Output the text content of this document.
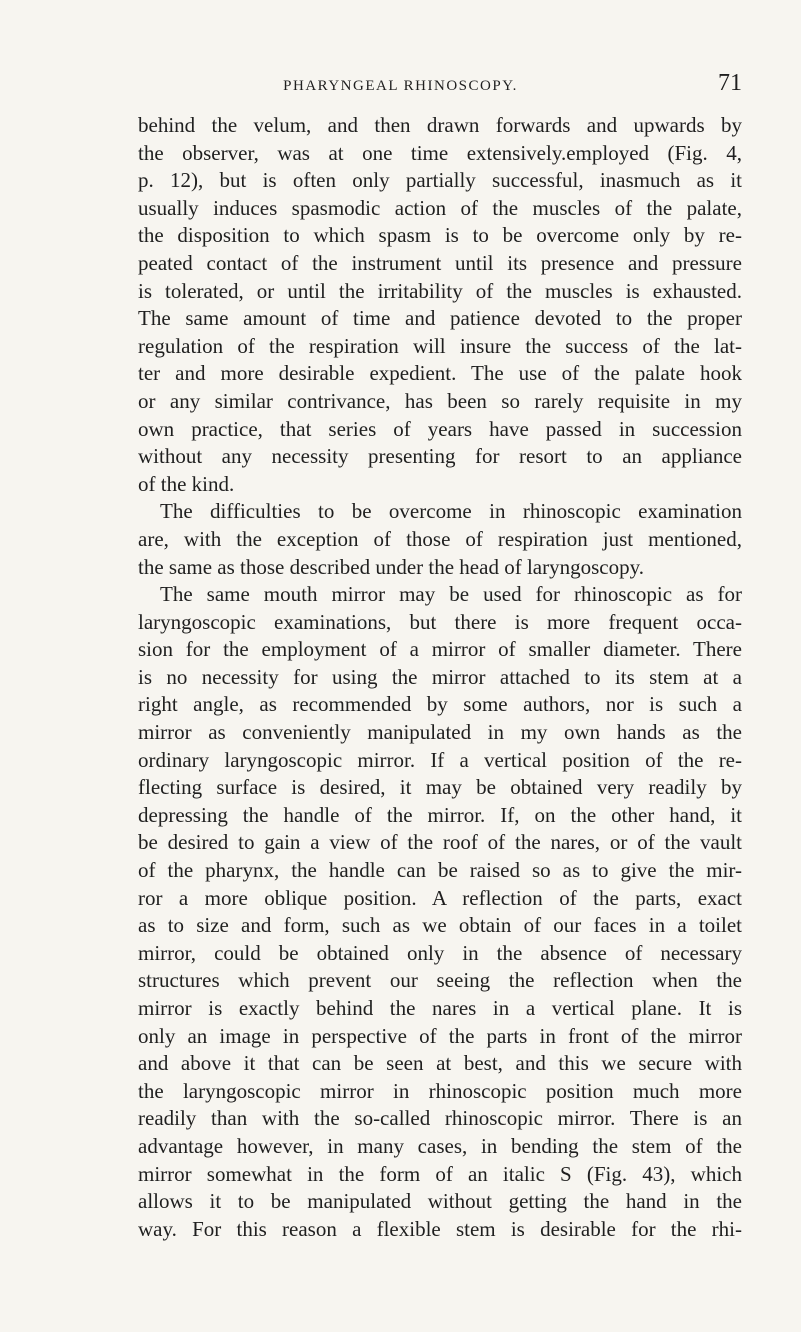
PHARYNGEAL RHINOSCOPY.	71
behind the velum, and then drawn forwards and upwards by
the observer, was at one time extensively.employed (Fig. 4,
p. 12), but is often only partially successful, inasmuch as it
usually induces spasmodic action of the muscles of the palate,
the disposition to which spasm is to be overcome only by re-
peated contact of the instrument until its presence and pressure
is tolerated, or until the irritability of the muscles is exhausted.
The same amount of time and patience devoted to the proper
regulation of the respiration will insure the success of the lat-
ter and more desirable expedient. The use of the palate hook
or any similar contrivance, has been so rarely requisite in my
own practice, that series of years have passed in succession
without any necessity presenting for resort to an appliance
of the kind.
The difficulties to be overcome in rhinoscopic examination
are, with the exception of those of respiration just mentioned,
the same as those described under the head of laryngoscopy.
The same mouth mirror may be used for rhinoscopic as for
laryngoscopic examinations, but there is more frequent occa-
sion for the employment of a mirror of smaller diameter. There
is no necessity for using the mirror attached to its stem at a
right angle, as recommended by some authors, nor is such a
mirror as conveniently manipulated in my own hands as the
ordinary laryngoscopic mirror. If a vertical position of the re-
flecting surface is desired, it may be obtained very readily by
depressing the handle of the mirror. If, on the other hand, it
be desired to gain a view of the roof of the nares, or of the vault
of the pharynx, the handle can be raised so as to give the mir-
ror a more oblique position. A reflection of the parts, exact
as to size and form, such as we obtain of our faces in a toilet
mirror, could be obtained only in the absence of necessary
structures which prevent our seeing the reflection when the
mirror is exactly behind the nares in a vertical plane. It is
only an image in perspective of the parts in front of the mirror
and above it that can be seen at best, and this we secure with
the laryngoscopic mirror in rhinoscopic position much more
readily than with the so-called rhinoscopic mirror. There is an
advantage however, in many cases, in bending the stem of the
mirror somewhat in the form of an italic S (Fig. 43), which
allows it to be manipulated without getting the hand in the
way. For this reason a flexible stem is desirable for the rhi-
